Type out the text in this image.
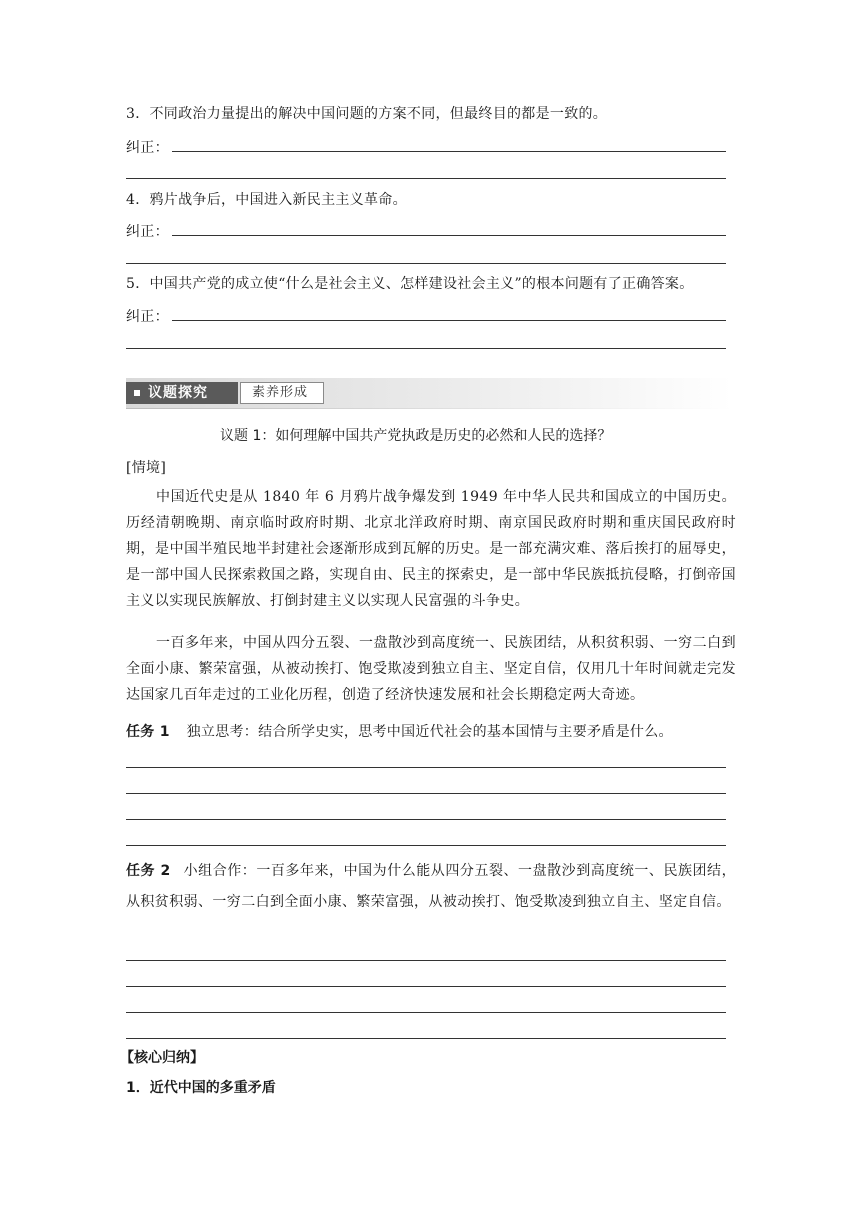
3．不同政治力量提出的解决中国问题的方案不同，但最终目的都是一致的。
纠正：
4．鸦片战争后，中国进入新民主主义革命。
纠正：
5．中国共产党的成立使“什么是社会主义、怎样建设社会主义”的根本问题有了正确答案。
纠正：
议题探究	素养形成
议题 1：如何理解中国共产党执政是历史的必然和人民的选择？
[情境]
中国近代史是从 1840 年 6 月鸦片战争爆发到 1949 年中华人民共和国成立的中国历史。历经清朝晚期、南京临时政府时期、北京北洋政府时期、南京国民政府时期和重庆国民政府时期，是中国半殖民地半封建社会逐渐形成到瓦解的历史。是一部充满灾难、落后挨打的屈辱史，是一部中国人民探索救国之路，实现自由、民主的探索史，是一部中华民族抵抗侵略，打倒帝国主义以实现民族解放、打倒封建主义以实现人民富强的斗争史。
一百多年来，中国从四分五裂、一盘散沙到高度统一、民族团结，从积贫积弱、一穷二白到全面小康、繁荣富强，从被动挨打、饱受欺凌到独立自主、坚定自信，仅用几十年时间就走完发达国家几百年走过的工业化历程，创造了经济快速发展和社会长期稳定两大奇迹。
任务 1 独立思考：结合所学史实，思考中国近代社会的基本国情与主要矛盾是什么。
任务 2 小组合作：一百多年来，中国为什么能从四分五裂、一盘散沙到高度统一、民族团结，从积贫积弱、一穷二白到全面小康、繁荣富强，从被动挨打、饱受欺凌到独立自主、坚定自信。
【核心归纳】
1．近代中国的多重矛盾
